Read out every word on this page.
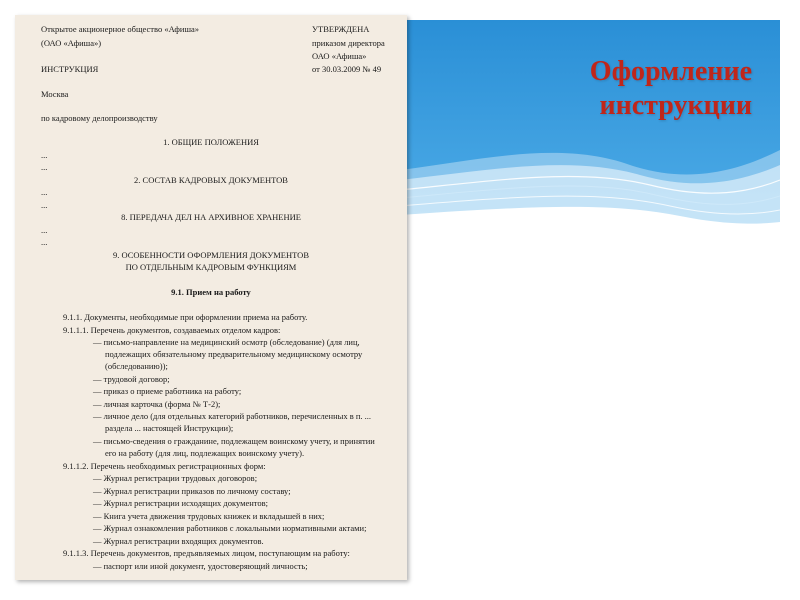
Оформление
инструкции
Открытое акционерное общество «Афиша»
(ОАО «Афиша»)
УТВЕРЖДЕНА
приказом директора
ОАО «Афиша»
от 30.03.2009 № 49
ИНСТРУКЦИЯ
Москва
по кадровому делопроизводству
1. ОБЩИЕ ПОЛОЖЕНИЯ
...
...
2. СОСТАВ КАДРОВЫХ ДОКУМЕНТОВ
...
...
8. ПЕРЕДАЧА ДЕЛ НА АРХИВНОЕ ХРАНЕНИЕ
...
...
9. ОСОБЕННОСТИ ОФОРМЛЕНИЯ ДОКУМЕНТОВ
ПО ОТДЕЛЬНЫМ КАДРОВЫМ ФУНКЦИЯМ
9.1. Прием на работу
9.1.1. Документы, необходимые при оформлении приема на работу.
9.1.1.1. Перечень документов, создаваемых отделом кадров:
— письмо-направление на медицинский осмотр (обследование) (для лиц,
подлежащих обязательному предварительному медицинскому осмотру
(обследованию));
— трудовой договор;
— приказ о приеме работника на работу;
— личная карточка (форма № Т-2);
— личное дело (для отдельных категорий работников, перечисленных в п. ...
раздела ... настоящей Инструкции);
— письмо-сведения о гражданине, подлежащем воинскому учету, и принятии
его на работу (для лиц, подлежащих воинскому учету).
9.1.1.2. Перечень необходимых регистрационных форм:
— Журнал регистрации трудовых договоров;
— Журнал регистрации приказов по личному составу;
— Журнал регистрации исходящих документов;
— Книга учета движения трудовых книжек и вкладышей в них;
— Журнал ознакомления работников с локальными нормативными актами;
— Журнал регистрации входящих документов.
9.1.1.3. Перечень документов, предъявляемых лицом, поступающим на работу:
— паспорт или иной документ, удостоверяющий личность;
